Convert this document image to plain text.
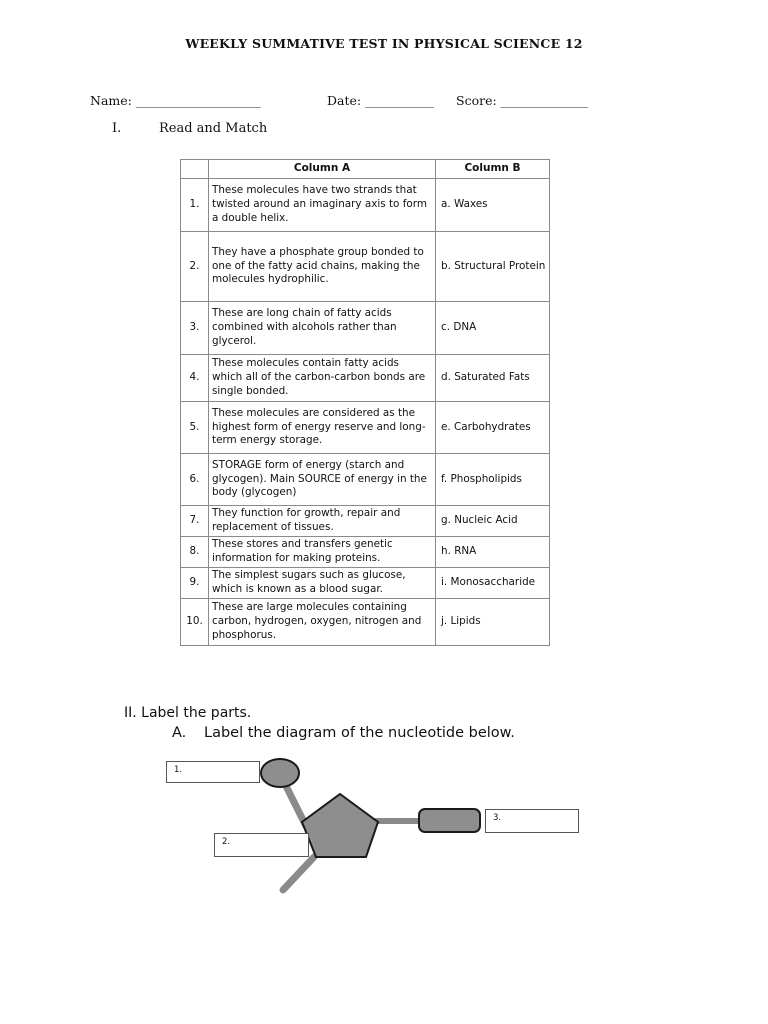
WEEKLY SUMMATIVE TEST IN PHYSICAL SCIENCE 12
Name: ____________________	Date: ___________ Score: ______________
I.	Read and Match
	Column A	Column B
1.	These molecules have two strands that twisted around an imaginary axis to form a double helix.	a. Waxes
2.	They have a phosphate group bonded to one of the fatty acid chains, making the molecules hydrophilic.	b. Structural Protein
3.	These are long chain of fatty acids combined with alcohols rather than glycerol.	c. DNA
4.	These molecules contain fatty acids which all of the carbon-carbon bonds are single bonded.	d. Saturated Fats
5.	These molecules are considered as the highest form of energy reserve and long-term energy storage.	e. Carbohydrates
6.	STORAGE form of energy (starch and glycogen). Main SOURCE of energy in the body (glycogen)	f. Phospholipids
7.	They function for growth, repair and replacement of tissues.	g. Nucleic Acid
8.	These stores and transfers genetic information for making proteins.	h. RNA
9.	The simplest sugars such as glucose, which is known as a blood sugar.	i. Monosaccharide
10.	These are large molecules containing carbon, hydrogen, oxygen, nitrogen and phosphorus.	j. Lipids
II. Label the parts.
A. Label the diagram of the nucleotide below.
1.
2.
3.
